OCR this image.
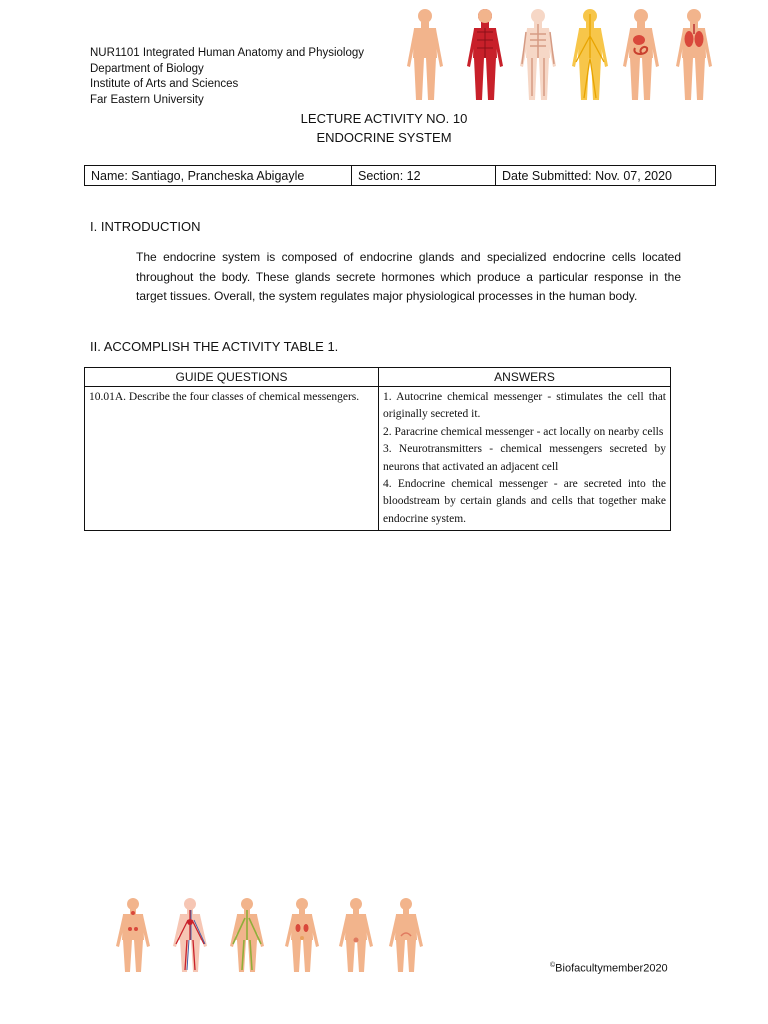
NUR1101 Integrated Human Anatomy and Physiology
Department of Biology
Institute of Arts and Sciences
Far Eastern University
LECTURE ACTIVITY NO. 10
ENDOCRINE SYSTEM
Name: Santiago, Prancheska Abigayle	Section: 12	Date Submitted: Nov. 07, 2020
I. INTRODUCTION
The endocrine system is composed of endocrine glands and specialized endocrine cells located throughout the body. These glands secrete hormones which produce a particular response in the target tissues. Overall, the system regulates major physiological processes in the human body.
II. ACCOMPLISH THE ACTIVITY TABLE 1.
GUIDE QUESTIONS	ANSWERS
10.01A. Describe the four classes of chemical messengers.	1. Autocrine chemical messenger - stimulates the cell that originally secreted it.

2. Paracrine chemical messenger - act locally on nearby cells

3. Neurotransmitters - chemical messengers secreted by neurons that activated an adjacent cell

4. Endocrine chemical messenger - are secreted into the bloodstream by certain glands and cells that together make endocrine system.

©Biofacultymember2020
